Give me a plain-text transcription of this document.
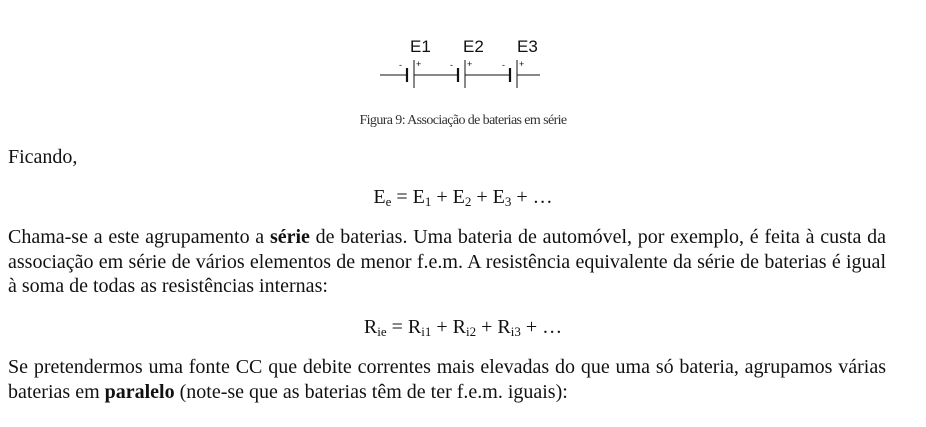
E1 E2 E3
- +	- +	- +
Figura 9: Associação de baterias em série
Ficando,
$E_e = E_1 + E_2 + E_3$ + …
Chama-se a este agrupamento a série de baterias. Uma bateria de automóvel, por exemplo, é feita à custa da associação em série de vários elementos de menor f.e.m. A resistência equivalente da série de baterias é igual à soma de todas as resistências internas:
$R_{ie} = R_{i1} + R_{i2} + R_{i3}$ + …
Se pretendermos uma fonte CC que debite correntes mais elevadas do que uma só bateria, agrupamos várias baterias em paralelo (note-se que as baterias têm de ter f.e.m. iguais):
